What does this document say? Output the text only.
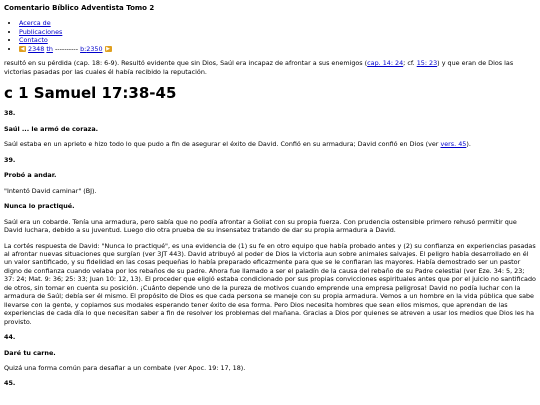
Comentario Bíblico Adventista Tomo 2
• Acerca de
• Publicaciones
• Contacto
• ◀ 2348 th ---------- b:2350 ▶

resultó en su pérdida (cap. 18: 6-9). Resultó evidente que sin Dios, Saúl era incapaz de afrontar a sus enemigos (cap. 14: 24; cf. 15: 23) y que eran de Dios las victorias pasadas por las cuales él había recibido la reputación.

c 1 Samuel 17:38-45

38.

Saúl ... le armó de coraza.

Saúl estaba en un aprieto e hizo todo lo que pudo a fin de asegurar el éxito de David. Confió en su armadura; David confió en Dios (ver vers. 45).

39.

Probó a andar.

"Intentó David caminar" (BJ).

Nunca lo practiqué.

Saúl era un cobarde. Tenía una armadura, pero sabía que no podía afrontar a Goliat con su propia fuerza. Con prudencia ostensible primero rehusó permitir que David luchara, debido a su juventud. Luego dio otra prueba de su insensatez tratando de dar su propia armadura a David.

La cortés respuesta de David: "Nunca lo practiqué", es una evidencia de (1) su fe en otro equipo que había probado antes y (2) su confianza en experiencias pasadas al afrontar nuevas situaciones que surgían (ver 3JT 443). David atribuyó al poder de Dios la victoria aun sobre animales salvajes. El peligro había desarrollado en él un valor santificado, y su fidelidad en las cosas pequeñas lo había preparado eficazmente para que se le confiaran las mayores. Había demostrado ser un pastor digno de confianza cuando velaba por los rebaños de su padre. Ahora fue llamado a ser el paladín de la causa del rebaño de su Padre celestial (ver Eze. 34: 5, 23; 37: 24; Mat. 9: 36; 25: 33; Juan 10: 12, 13). El proceder que eligió estaba condicionado por sus propias convicciones espirituales antes que por el juicio no santificado de otros, sin tomar en cuenta su posición. ¡Cuánto depende uno de la pureza de motivos cuando emprende una empresa peligrosa! David no podía luchar con la armadura de Saúl; debía ser él mismo. El propósito de Dios es que cada persona se maneje con su propia armadura. Vemos a un hombre en la vida pública que sabe llevarse con la gente, y copiamos sus modales esperando tener éxito de esa forma. Pero Dios necesita hombres que sean ellos mismos, que aprendan de las experiencias de cada día lo que necesitan saber a fin de resolver los problemas del mañana. Gracias a Dios por quienes se atreven a usar los medios que Dios les ha provisto.

44.

Daré tu carne.

Quizá una forma común para desafiar a un combate (ver Apoc. 19: 17, 18).

45.
